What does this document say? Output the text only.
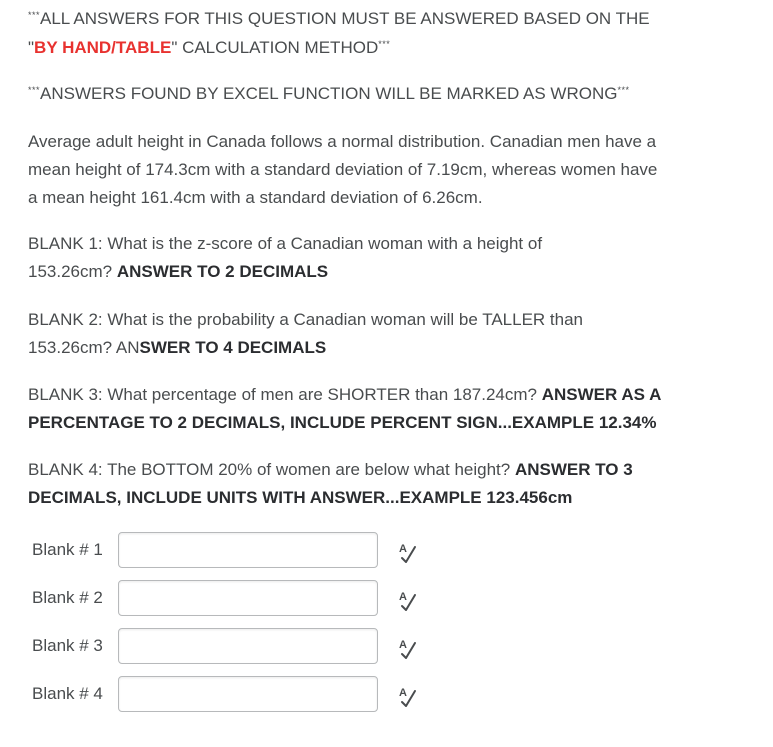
***ALL ANSWERS FOR THIS QUESTION MUST BE ANSWERED BASED ON THE

"BY HAND/TABLE" CALCULATION METHOD***

***ANSWERS FOUND BY EXCEL FUNCTION WILL BE MARKED AS WRONG***

Average adult height in Canada follows a normal distribution. Canadian men have a

mean height of 174.3cm with a standard deviation of 7.19cm, whereas women have

a mean height 161.4cm with a standard deviation of 6.26cm.

BLANK 1: What is the z-score of a Canadian woman with a height of

153.26cm? ANSWER TO 2 DECIMALS

BLANK 2: What is the probability a Canadian woman will be TALLER than

153.26cm? ANSWER TO 4 DECIMALS

BLANK 3: What percentage of men are SHORTER than 187.24cm? ANSWER AS A

PERCENTAGE TO 2 DECIMALS, INCLUDE PERCENT SIGN...EXAMPLE 12.34%

BLANK 4: The BOTTOM 20% of women are below what height? ANSWER TO 3

DECIMALS, INCLUDE UNITS WITH ANSWER...EXAMPLE 123.456cm

Blank # 1	A
Blank # 2	A
Blank # 3	A
Blank # 4	A
